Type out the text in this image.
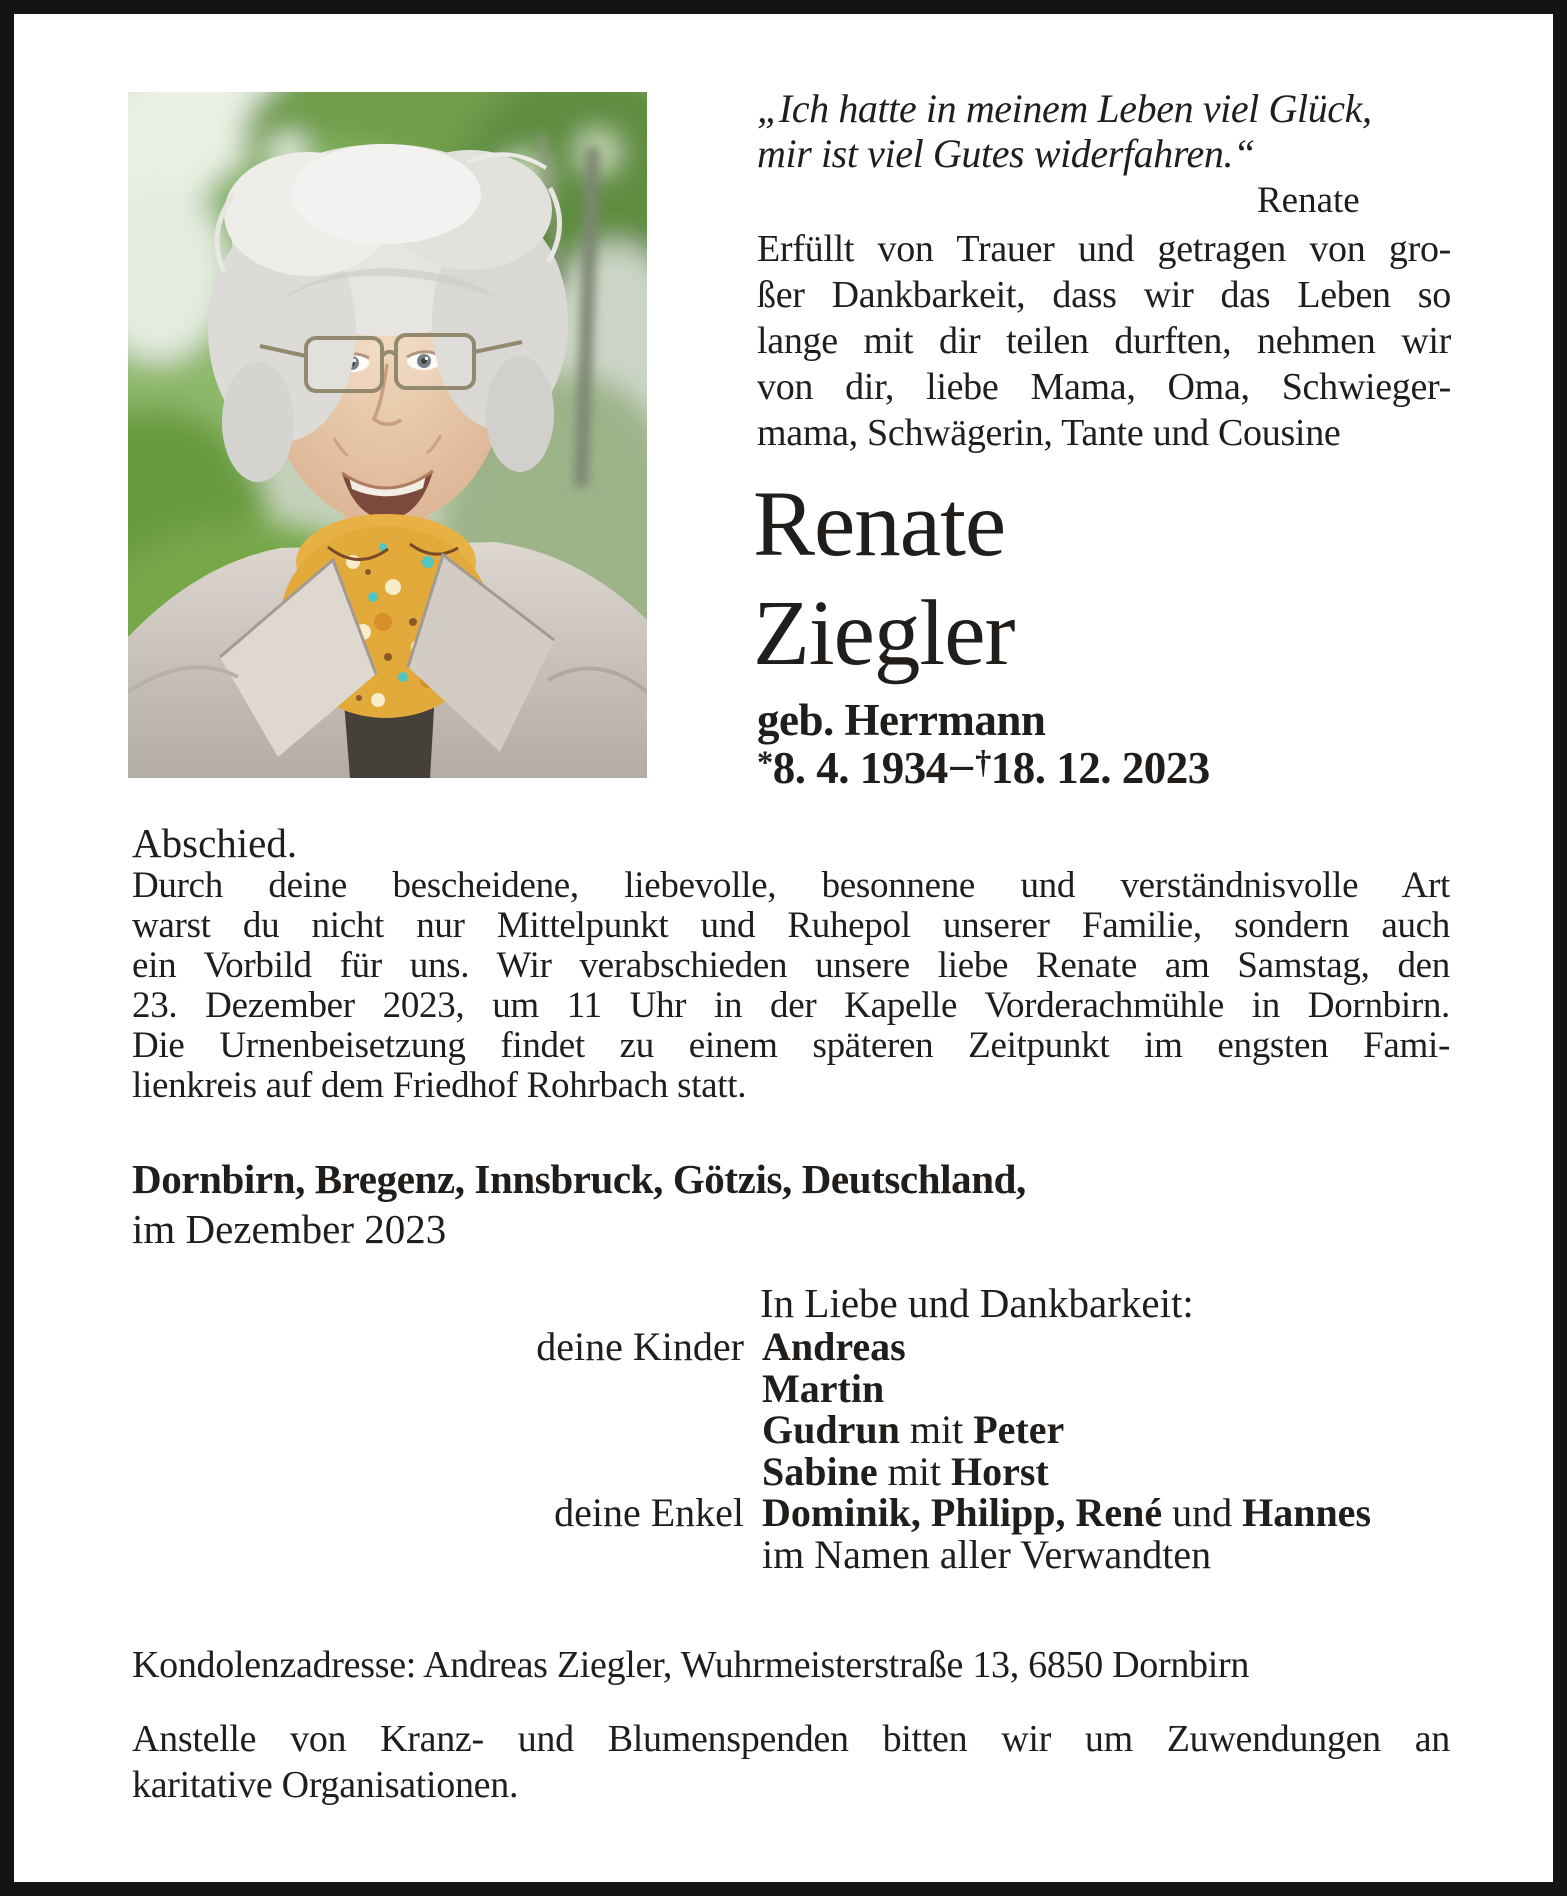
„Ich hatte in meinem Leben viel Glück,
mir ist viel Gutes widerfahren.“
Renate
Erfüllt von Trauer und getragen von gro-
ßer Dankbarkeit, dass wir das Leben so
lange mit dir teilen durften, nehmen wir
von dir, liebe Mama, Oma, Schwieger-
mama, Schwägerin, Tante und Cousine
Renate
Ziegler
geb. Herrmann
*8. 4. 1934–†18. 12. 2023
Abschied.
Durch deine bescheidene, liebevolle, besonnene und verständnisvolle Art
warst du nicht nur Mittelpunkt und Ruhepol unserer Familie, sondern auch
ein Vorbild für uns. Wir verabschieden unsere liebe Renate am Samstag, den
23. Dezember 2023, um 11 Uhr in der Kapelle Vorderachmühle in Dornbirn.
Die Urnenbeisetzung findet zu einem späteren Zeitpunkt im engsten Fami-
lienkreis auf dem Friedhof Rohrbach statt.
Dornbirn, Bregenz, Innsbruck, Götzis, Deutschland,
im Dezember 2023
In Liebe und Dankbarkeit:
deine Kinder Andreas
Martin
Gudrun mit Peter
Sabine mit Horst
deine Enkel Dominik, Philipp, René und Hannes
im Namen aller Verwandten
Kondolenzadresse: Andreas Ziegler, Wuhrmeisterstraße 13, 6850 Dornbirn
Anstelle von Kranz- und Blumenspenden bitten wir um Zuwendungen an
karitative Organisationen.
